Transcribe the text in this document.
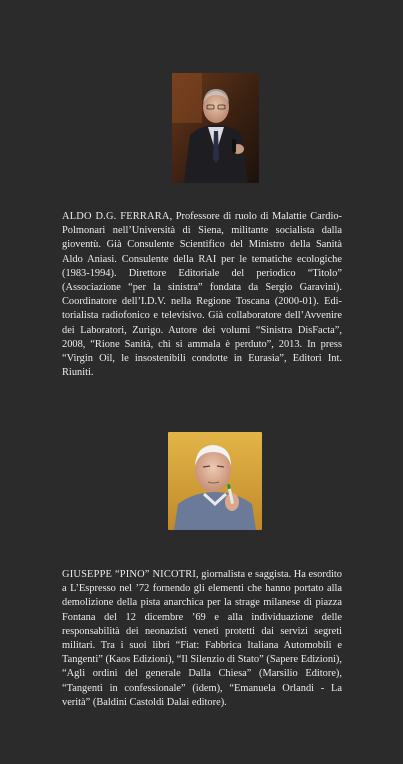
ALDO D.G. FERRARA, Professore di ruolo di Malattie Cardio-Polmonari nell’Università di Siena, militante socialista dalla gioventù. Già Consulente Scientifico del Ministro della Sanità Aldo Aniasi. Consulente della RAI per le tematiche ecologiche (1983-1994). Direttore Editoriale del periodico “Titolo” (Associazione “per la sinistra” fondata da Sergio Garavini). Coordinatore dell’I.D.V. nella Regione Toscana (2000-01). Editorialista radiofonico e televisivo. Già collaboratore dell’Avvenire dei Laboratori, Zurigo. Autore dei volumi “Sinistra DisFacta”, 2008, “Rione Sanità, chi si ammala è perduto”, 2013. In press “Virgin Oil, le insostenibili condotte in Eurasia”, Editori Int. Riuniti.
GIUSEPPE “PINO” NICOTRI, giornalista e saggista. Ha esordito a L’Espresso nel ’72 fornendo gli elementi che hanno portato alla demolizione della pista anarchica per la strage milanese di piazza Fontana del 12 dicembre ’69 e alla individuazione delle responsabilità dei neonazisti veneti protetti dai servizi segreti militari. Tra i suoi libri “Fiat: Fabbrica Italiana Automobili e Tangenti” (Kaos Edizioni), “Il Silenzio di Stato” (Sapere Edizioni), “Agli ordini del generale Dalla Chiesa” (Marsilio Editore), “Tangenti in confessionale” (idem), “Emanuela Orlandi - La verità” (Baldini Castoldi Dalai editore).
